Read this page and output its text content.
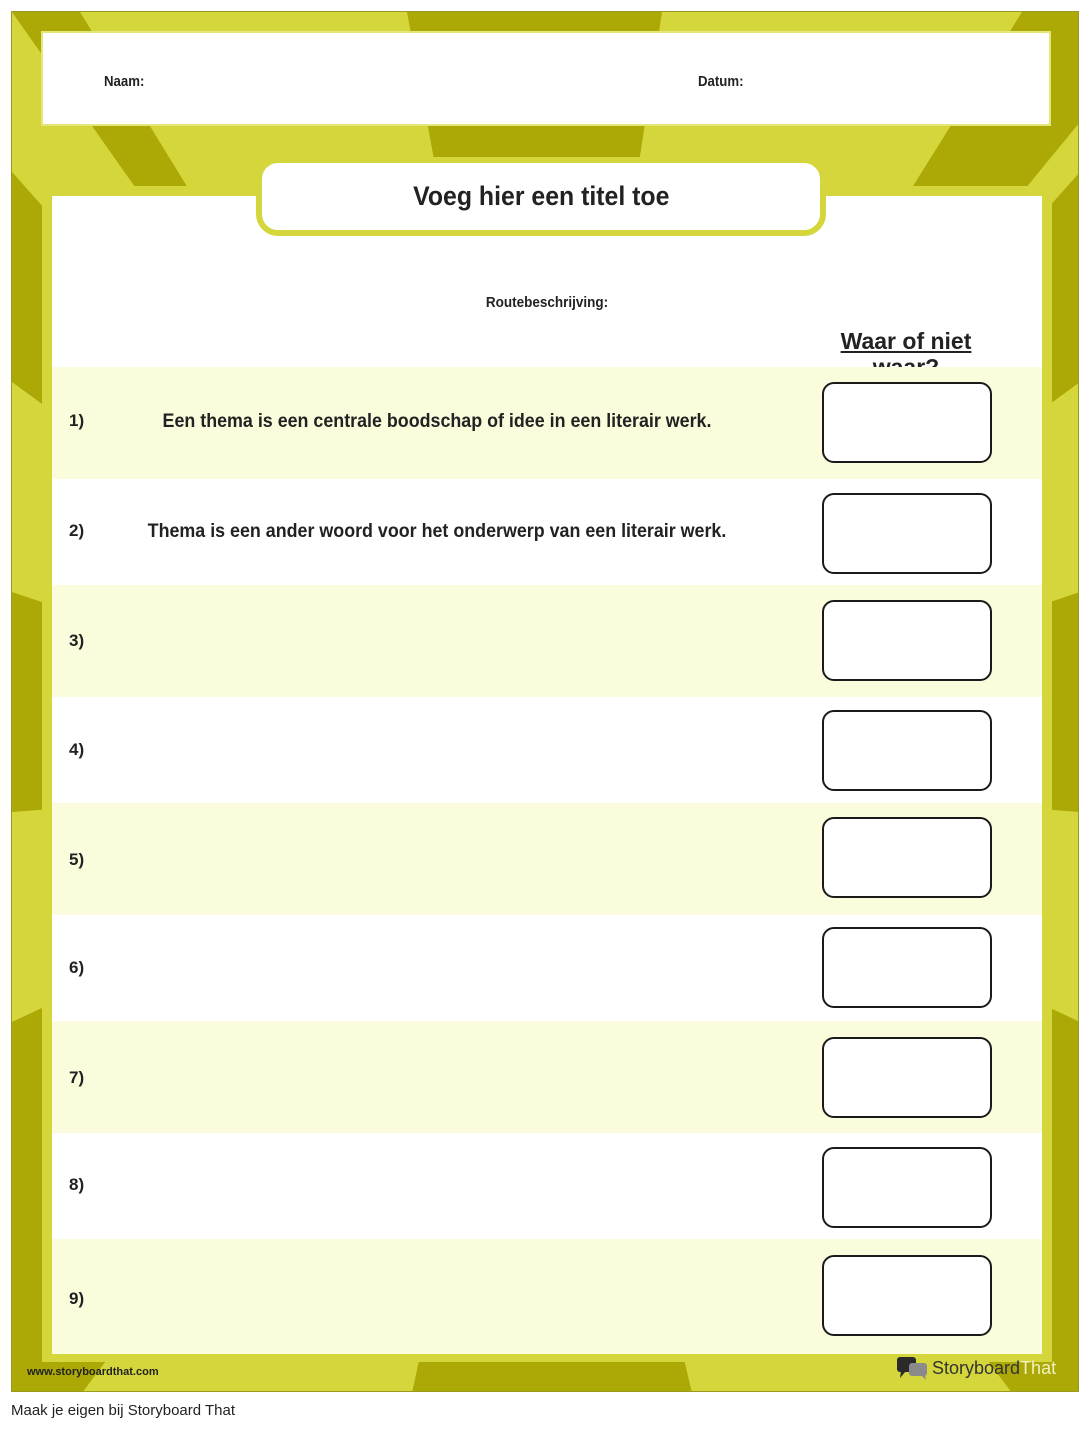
Naam:	Datum:
Routebeschrijving:
Waar of niet
1)	Een thema is een centrale boodschap of idee in een literair werk.
2)	Thema is een ander woord voor het onderwerp van een literair werk.
3)
4)
5)
6)
7)
8)
9)
Voeg hier een titel toe
www.storyboardthat.com	StoryboardThat
Maak je eigen bij Storyboard That
